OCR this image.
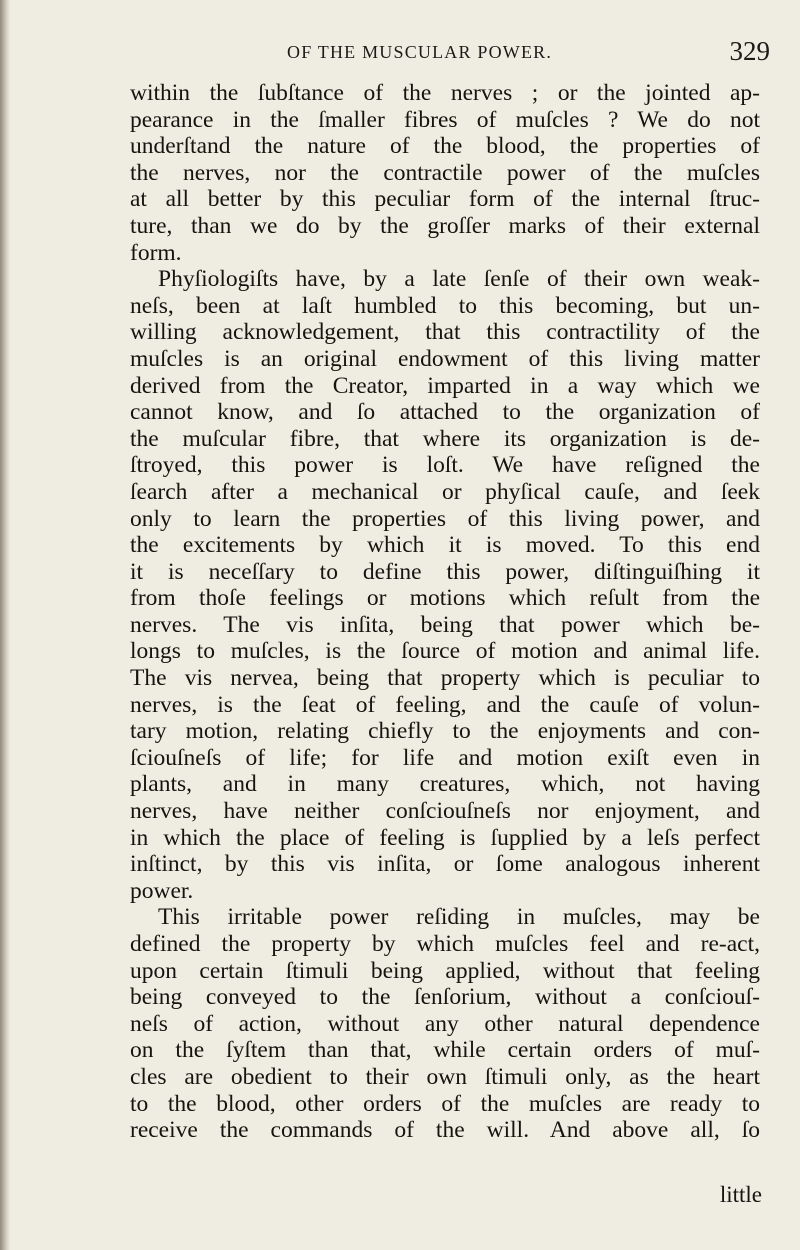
OF THE MUSCULAR POWER.	329
within the ſubſtance of the nerves ; or the jointed ap-
pearance in the ſmaller fibres of muſcles ? We do not
underſtand the nature of the blood, the properties of
the nerves, nor the contractile power of the muſcles
at all better by this peculiar form of the internal ſtruc-
ture, than we do by the groſſer marks of their external
form.
Phyſiologiſts have, by a late ſenſe of their own weak-
neſs, been at laſt humbled to this becoming, but un-
willing acknowledgement, that this contractility of the
muſcles is an original endowment of this living matter
derived from the Creator, imparted in a way which we
cannot know, and ſo attached to the organization of
the muſcular fibre, that where its organization is de-
ſtroyed, this power is loſt. We have reſigned the
ſearch after a mechanical or phyſical cauſe, and ſeek
only to learn the properties of this living power, and
the excitements by which it is moved. To this end
it is neceſſary to define this power, diſtinguiſhing it
from thoſe feelings or motions which reſult from the
nerves. The vis inſita, being that power which be-
longs to muſcles, is the ſource of motion and animal life.
The vis nervea, being that property which is peculiar to
nerves, is the ſeat of feeling, and the cauſe of volun-
tary motion, relating chiefly to the enjoyments and con-
ſciouſneſs of life; for life and motion exiſt even in
plants, and in many creatures, which, not having
nerves, have neither conſciouſneſs nor enjoyment, and
in which the place of feeling is ſupplied by a leſs perfect
inſtinct, by this vis inſita, or ſome analogous inherent
power.
This irritable power reſiding in muſcles, may be
defined the property by which muſcles feel and re-act,
upon certain ſtimuli being applied, without that feeling
being conveyed to the ſenſorium, without a conſciouſ-
neſs of action, without any other natural dependence
on the ſyſtem than that, while certain orders of muſ-
cles are obedient to their own ſtimuli only, as the heart
to the blood, other orders of the muſcles are ready to
receive the commands of the will. And above all, ſo
little
